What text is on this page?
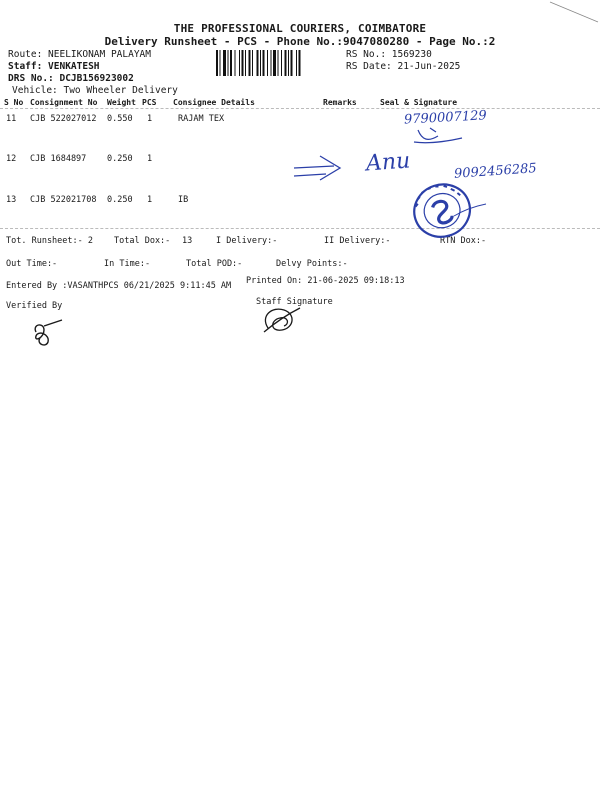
THE PROFESSIONAL COURIERS, COIMBATORE
Delivery Runsheet - PCS - Phone No.:9047080280 - Page No.:2
Route: NEELIKONAM PALAYAM
Staff: VENKATESH
DRS No.: DCJB156923002
Vehicle: Two Wheeler Delivery
RS No.: 1569230
RS Date: 21-Jun-2025
S No Consignment No Weight PCS Consignee Details	Remarks	Seal & Signature
11 CJB 522027012 0.550 1	RAJAM TEX
12 CJB 1684897 0.250 1
13 CJB 522021708 0.250 1	IB
Tot. Runsheet:- 2 Total Dox:- 13	I Delivery:-	II Delivery:-	RTN Dox:-
Out Time:-	In Time:-	Total POD:-	Delvy Points:-
Entered By :VASANTHPCS 06/21/2025 9:11:45 AM Printed On: 21-06-2025 09:18:13
Verified By	Staff Signature
9790007129
Anu	9092456285
